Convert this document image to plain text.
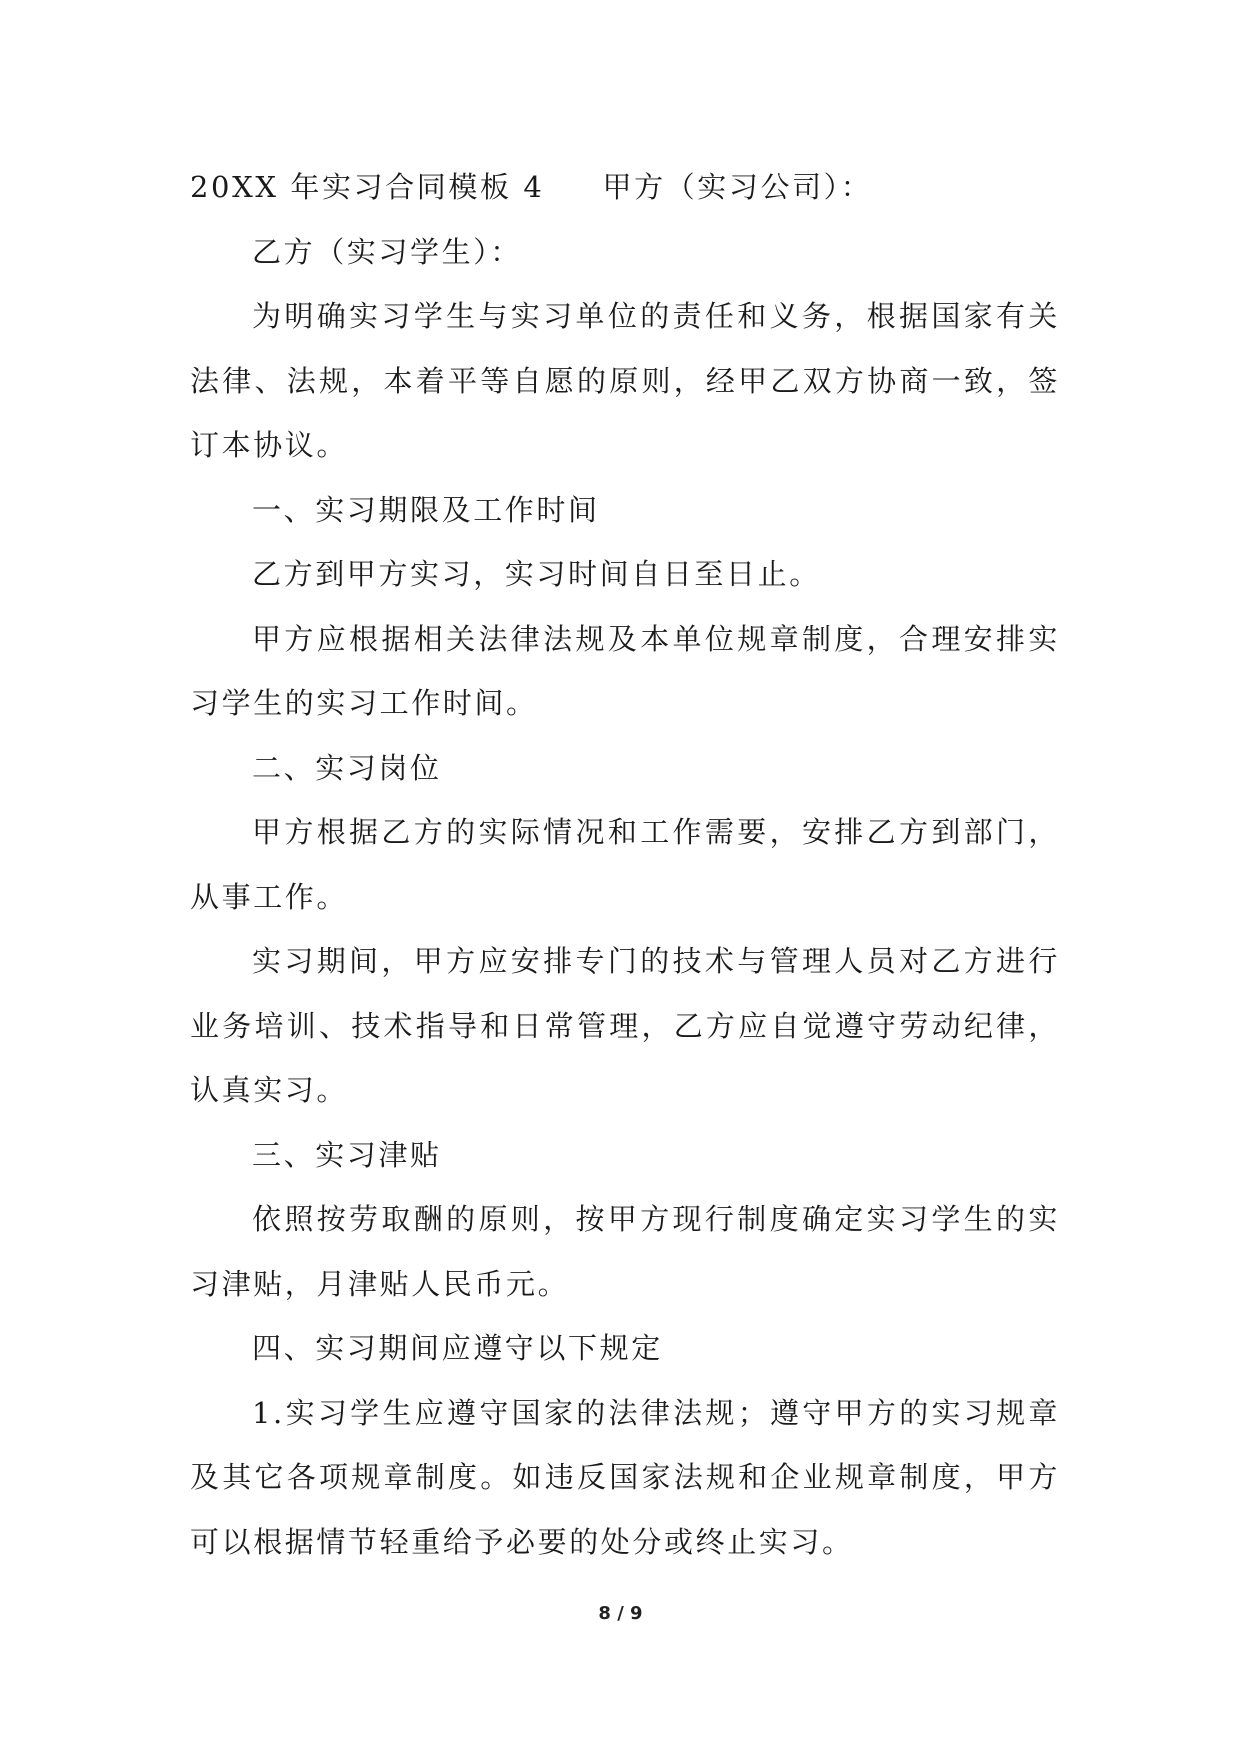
20XX 年实习合同模板 4 甲方（实习公司）：

乙方（实习学生）：

为明确实习学生与实习单位的责任和义务，根据国家有关法律、法规，本着平等自愿的原则，经甲乙双方协商一致，签订本协议。

一、实习期限及工作时间

乙方到甲方实习，实习时间自日至日止。

甲方应根据相关法律法规及本单位规章制度，合理安排实习学生的实习工作时间。

二、实习岗位

甲方根据乙方的实际情况和工作需要，安排乙方到部门，从事工作。

实习期间，甲方应安排专门的技术与管理人员对乙方进行业务培训、技术指导和日常管理，乙方应自觉遵守劳动纪律，认真实习。

三、实习津贴

依照按劳取酬的原则，按甲方现行制度确定实习学生的实习津贴，月津贴人民币元。

四、实习期间应遵守以下规定

1.实习学生应遵守国家的法律法规；遵守甲方的实习规章及其它各项规章制度。如违反国家法规和企业规章制度，甲方可以根据情节轻重给予必要的处分或终止实习。

8 / 9
